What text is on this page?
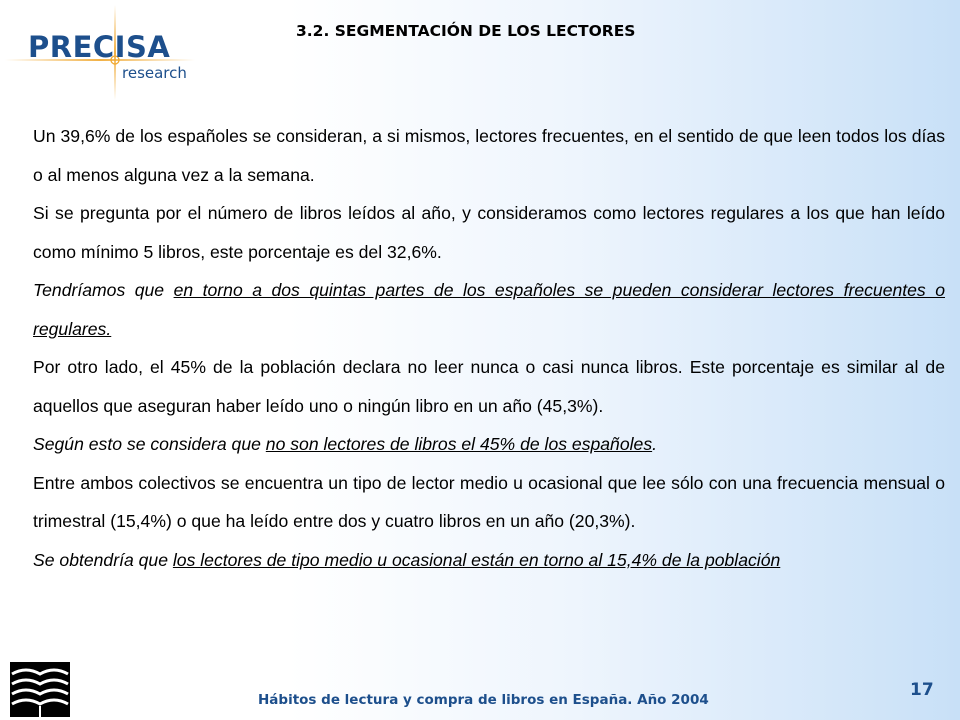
PRECISA
research
3.2. SEGMENTACIÓN DE LOS LECTORES

Un 39,6% de los españoles se consideran, a si mismos, lectores frecuentes, en el sentido de que leen todos los días o al menos alguna vez a la semana.

Si se pregunta por el número de libros leídos al año, y consideramos como lectores regulares a los que han leído como mínimo 5 libros, este porcentaje es del 32,6%.

Tendríamos que en torno a dos quintas partes de los españoles se pueden considerar lectores frecuentes o regulares.

Por otro lado, el 45% de la población declara no leer nunca o casi nunca libros. Este porcentaje es similar al de aquellos que aseguran haber leído uno o ningún libro en un año (45,3%).

Según esto se considera que no son lectores de libros el 45% de los españoles.

Entre ambos colectivos se encuentra un tipo de lector medio u ocasional que lee sólo con una frecuencia mensual o trimestral (15,4%) o que ha leído entre dos y cuatro libros en un año (20,3%).

Se obtendría que los lectores de tipo medio u ocasional están en torno al 15,4% de la población

Hábitos de lectura y compra de libros en España. Año 2004	17
